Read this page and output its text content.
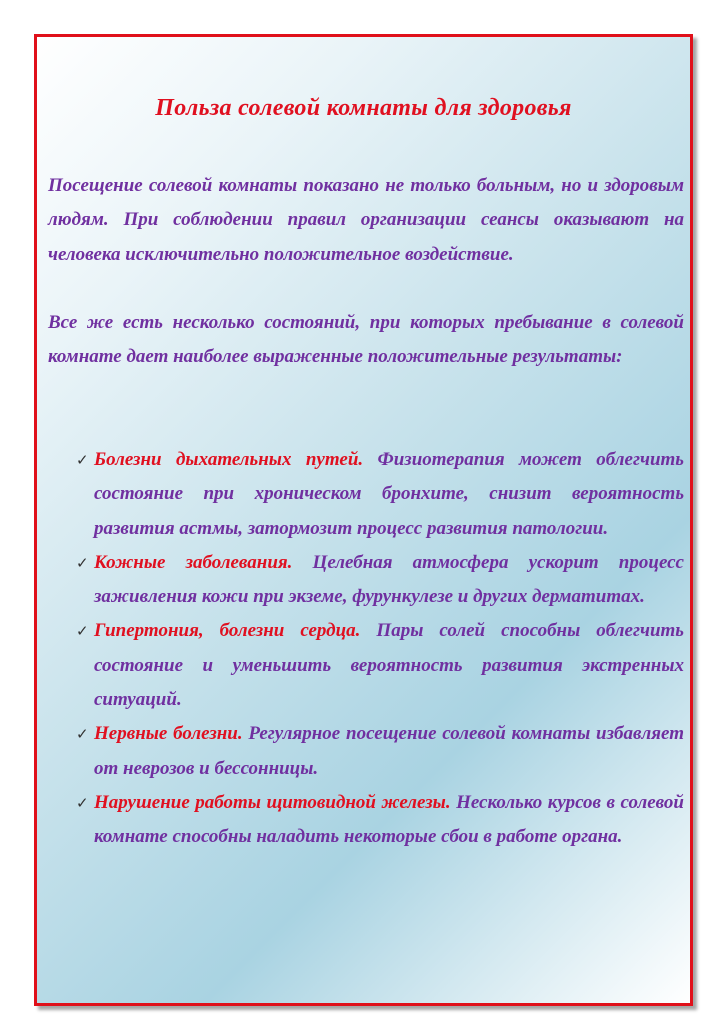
Польза солевой комнаты для здоровья

Посещение солевой комнаты показано не только больным, но и здоровым людям. При соблюдении правил организации сеансы оказывают на человека исключительно положительное воздействие.

Все же есть несколько состояний, при которых пребывание в солевой комнате дает наиболее выраженные положительные результаты:

✓ Болезни дыхательных путей. Физиотерапия может облегчить состояние при хроническом бронхите, снизит вероятность развития астмы, затормозит процесс развития патологии.
✓ Кожные заболевания. Целебная атмосфера ускорит процесс заживления кожи при экземе, фурункулезе и других дерматитах.
✓ Гипертония, болезни сердца. Пары солей способны облегчить состояние и уменьшить вероятность развития экстренных ситуаций.
✓ Нервные болезни. Регулярное посещение солевой комнаты избавляет от неврозов и бессонницы.
✓ Нарушение работы щитовидной железы. Несколько курсов в солевой комнате способны наладить некоторые сбои в работе органа.
